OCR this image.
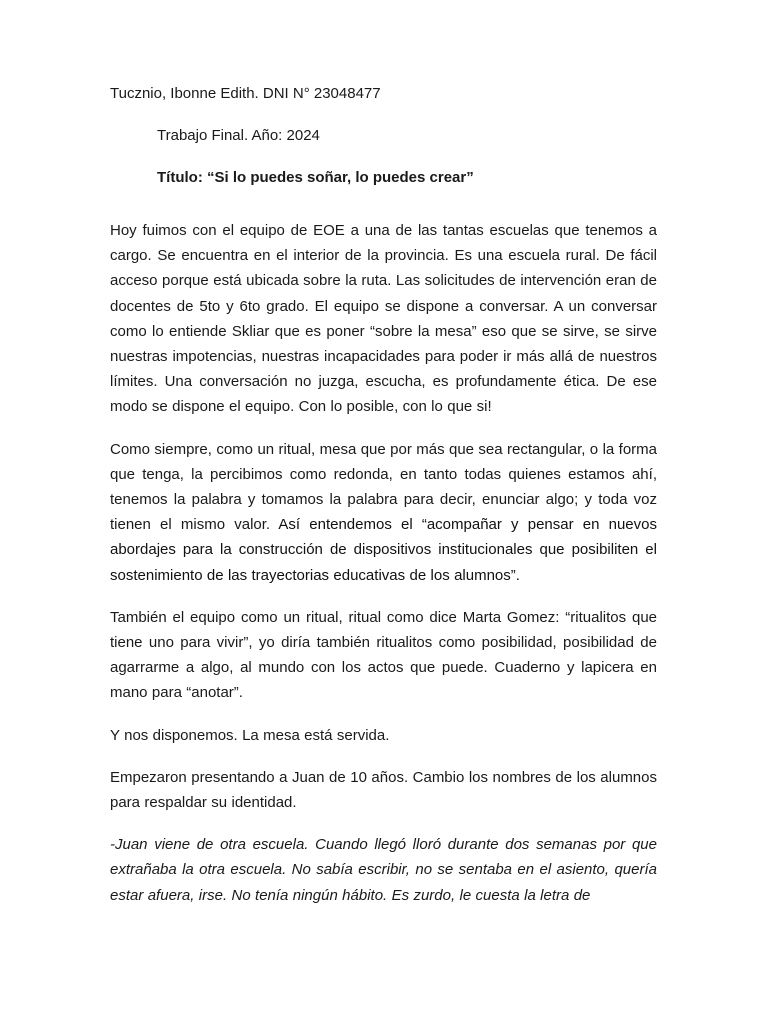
Tucznio, Ibonne Edith. DNI N° 23048477
Trabajo Final. Año: 2024
Título: “Si lo puedes soñar, lo puedes crear”

Hoy fuimos con el equipo de EOE a una de las tantas escuelas que tenemos a cargo. Se encuentra en el interior de la provincia. Es una escuela rural. De fácil acceso porque está ubicada sobre la ruta. Las solicitudes de intervención eran de docentes de 5to y 6to grado. El equipo se dispone a conversar. A un conversar como lo entiende Skliar que es poner “sobre la mesa” eso que se sirve, se sirve nuestras impotencias, nuestras incapacidades para poder ir más allá de nuestros límites. Una conversación no juzga, escucha, es profundamente ética. De ese modo se dispone el equipo. Con lo posible, con lo que si!

Como siempre, como un ritual, mesa que por más que sea rectangular, o la forma que tenga, la percibimos como redonda, en tanto todas quienes estamos ahí, tenemos la palabra y tomamos la palabra para decir, enunciar algo; y toda voz tienen el mismo valor. Así entendemos el “acompañar y pensar en nuevos abordajes para la construcción de dispositivos institucionales que posibiliten el sostenimiento de las trayectorias educativas de los alumnos”.

También el equipo como un ritual, ritual como dice Marta Gomez: “ritualitos que tiene uno para vivir”, yo diría también ritualitos como posibilidad, posibilidad de agarrarme a algo, al mundo con los actos que puede. Cuaderno y lapicera en mano para “anotar”.

Y nos disponemos. La mesa está servida.

Empezaron presentando a Juan de 10 años. Cambio los nombres de los alumnos para respaldar su identidad.

-Juan viene de otra escuela. Cuando llegó lloró durante dos semanas por que extrañaba la otra escuela. No sabía escribir, no se sentaba en el asiento, quería estar afuera, irse. No tenía ningún hábito. Es zurdo, le cuesta la letra de
